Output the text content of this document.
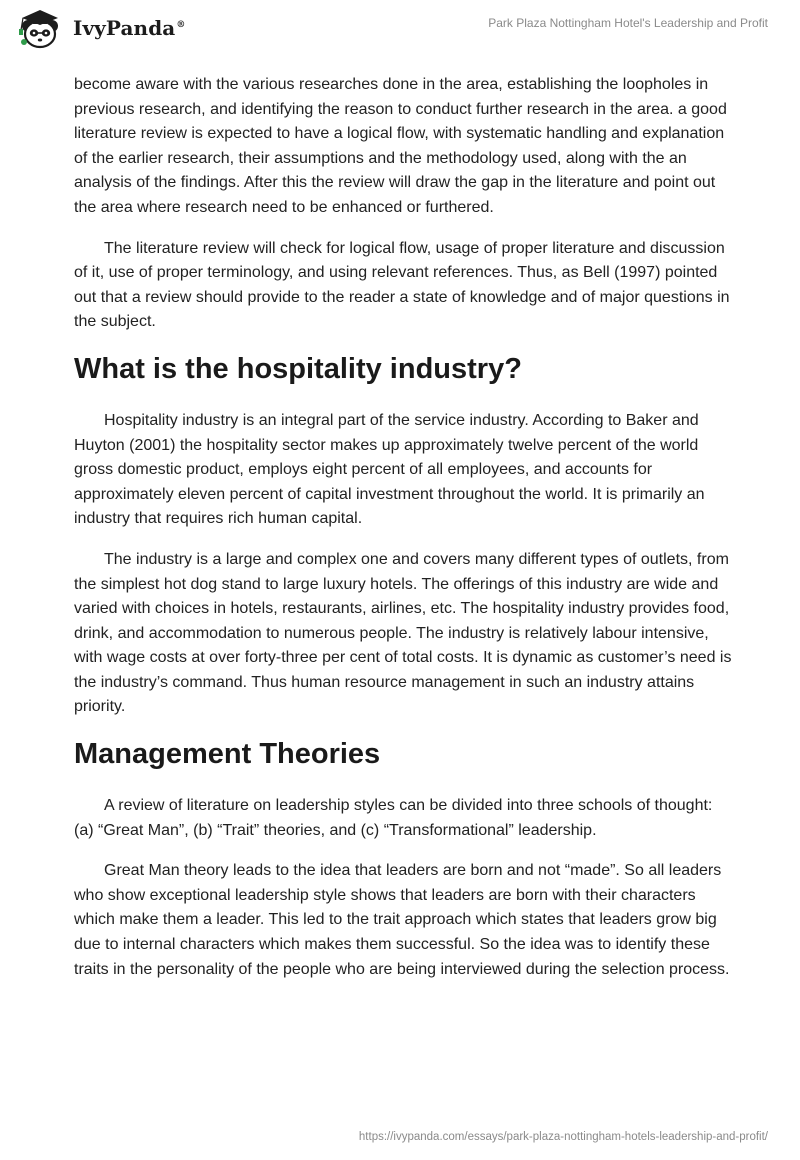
IvyPanda®	Park Plaza Nottingham Hotel's Leadership and Profit

become aware with the various researches done in the area, establishing the loopholes in previous research, and identifying the reason to conduct further research in the area. a good literature review is expected to have a logical flow, with systematic handling and explanation of the earlier research, their assumptions and the methodology used, along with the an analysis of the findings. After this the review will draw the gap in the literature and point out the area where research need to be enhanced or furthered.

The literature review will check for logical flow, usage of proper literature and discussion of it, use of proper terminology, and using relevant references. Thus, as Bell (1997) pointed out that a review should provide to the reader a state of knowledge and of major questions in the subject.

What is the hospitality industry?

Hospitality industry is an integral part of the service industry. According to Baker and Huyton (2001) the hospitality sector makes up approximately twelve percent of the world gross domestic product, employs eight percent of all employees, and accounts for approximately eleven percent of capital investment throughout the world. It is primarily an industry that requires rich human capital.

The industry is a large and complex one and covers many different types of outlets, from the simplest hot dog stand to large luxury hotels. The offerings of this industry are wide and varied with choices in hotels, restaurants, airlines, etc. The hospitality industry provides food, drink, and accommodation to numerous people. The industry is relatively labour intensive, with wage costs at over forty-three per cent of total costs. It is dynamic as customer’s need is the industry’s command. Thus human resource management in such an industry attains priority.

Management Theories

A review of literature on leadership styles can be divided into three schools of thought: (a) “Great Man”, (b) “Trait” theories, and (c) “Transformational” leadership.

Great Man theory leads to the idea that leaders are born and not “made”. So all leaders who show exceptional leadership style shows that leaders are born with their characters which make them a leader. This led to the trait approach which states that leaders grow big due to internal characters which makes them successful. So the idea was to identify these traits in the personality of the people who are being interviewed during the selection process.

https://ivypanda.com/essays/park-plaza-nottingham-hotels-leadership-and-profit/
